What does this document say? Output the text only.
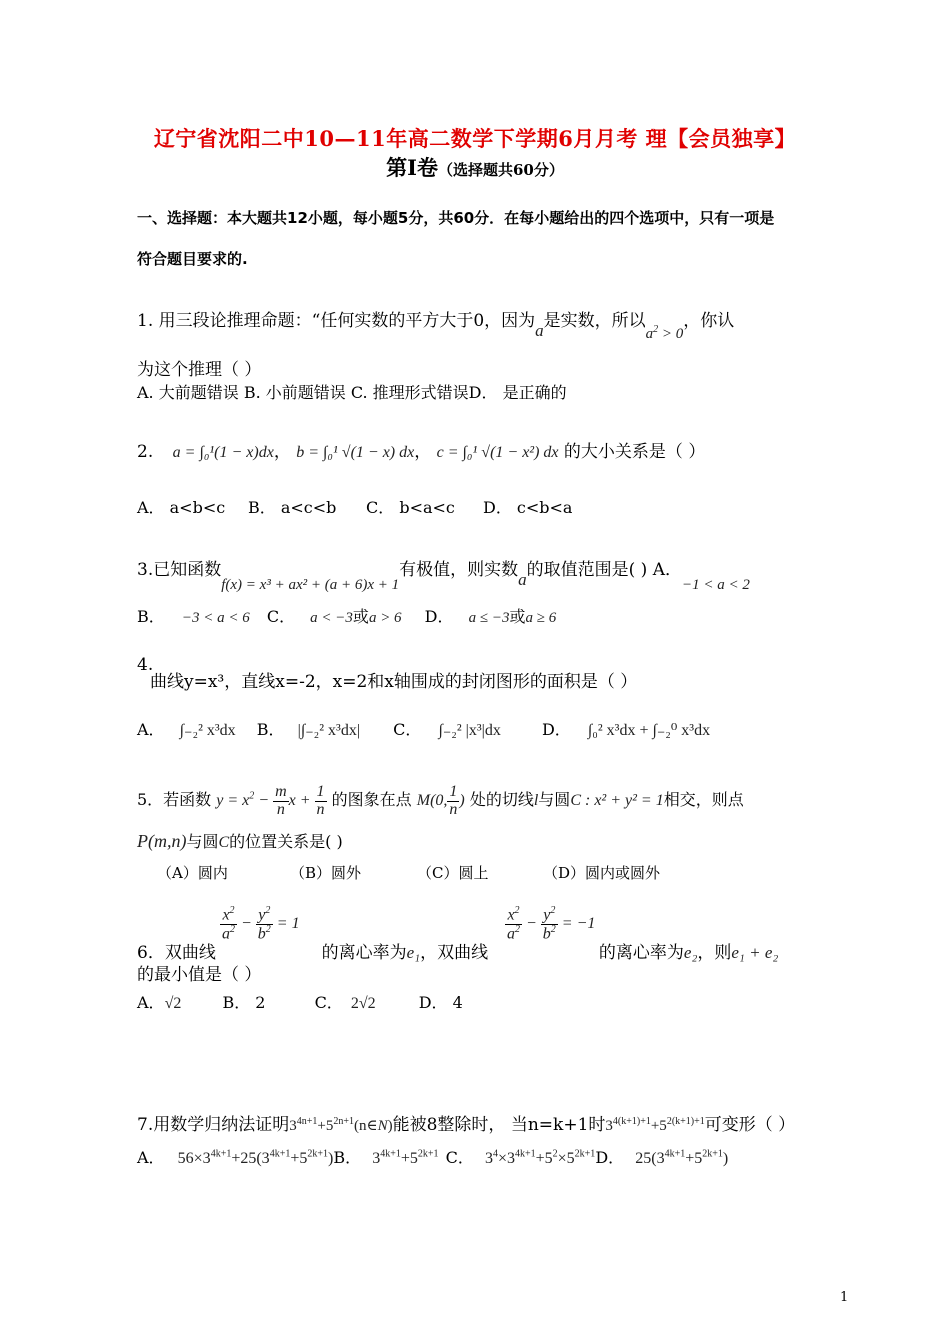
辽宁省沈阳二中10—11年高二数学下学期6月月考 理【会员独享】
第Ⅰ卷（选择题共60分）
一、选择题：本大题共12小题，每小题5分，共60分．在每小题给出的四个选项中，只有一项是
符合题目要求的.
1. 用三段论推理命题：“任何实数的平方大于0，因为a是实数，所以$a^2 > 0$，你认
为这个推理（ ）
A. 大前题错误 B. 小前题错误 C. 推理形式错误D． 是正确的
2. a = ∫₀¹(1 − x)dx， b = ∫₀¹ √(1 − x) dx， c = ∫₀¹ √(1 − x²) dx 的大小关系是（ ）
A． a<b<c B． a<c<b C． b<a<c D． c<b<a
3.已知函数f(x) = x³ + ax² + (a + 6)x + 1有极值，则实数a的取值范围是( ) A．−1 < a < 2
B． −3 < a < 6 C． a < −3或a > 6 D． a ≤ −3或a ≥ 6
4.
曲线y=x³，直线x=-2，x=2和x轴围成的封闭图形的面积是（ ）
A． ∫₋₂² x³dx B． |∫₋₂² x³dx| C． ∫₋₂² |x³|dx	D． ∫₀² x³dx + ∫₋₂⁰ x³dx
5．若函数 $y = x^2 - \frac{m}{n}$ $x + \frac{1}{n}$ 的图象在点 M(0, $\frac{1}{n}$ ) 处的切线l与圆C : x² + y² = 1相交，则点
P(m,n)与圆C的位置关系是( )
（A）圆内	（B）圆外	（C）圆上	（D）圆内或圆外
$\frac{x^2}{a^2} - \frac{y^2}{b^2} = 1$	$\frac{x^2}{a^2} - \frac{y^2}{b^2} = -1$
6．双曲线	的离心率为e₁，双曲线	的离心率为e₂，则e₁ + e₂
的最小值是（ ）
A．√2	B． 2	C． 2√2	D． 4
7.用数学归纳法证明$3^{4n+1}+5^{2n+1}(n\in N)$能被8整除时， 当n=k+1时$3^{4(k+1)+1}+5^{2(k+1)+1}$可变形（ ）
A． $56\times 3^{4k+1}+25(3^{4k+1}+5^{2k+1})B$． $3^{4k+1}+5^{2k+1}$ C． $3^4\times 3^{4k+1}+5^2\times 5^{2k+1}D$． $25(3^{4k+1}+5^{2k+1})$
1
